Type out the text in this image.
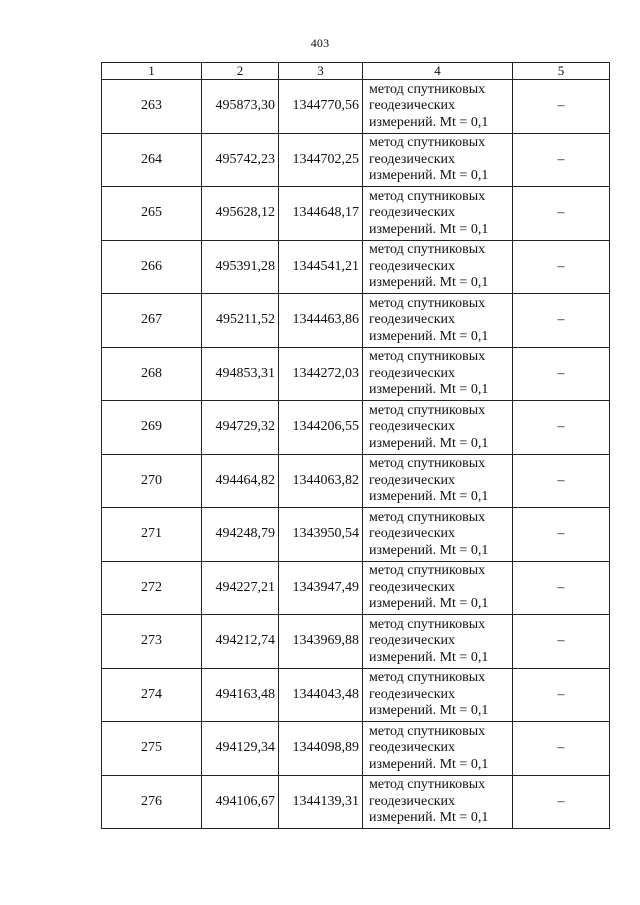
403
1	2	3	4	5
263	495873,30	1344770,56	метод спутниковых
геодезических
измерений. Mt = 0,1	–
264	495742,23	1344702,25	метод спутниковых
геодезических
измерений. Mt = 0,1	–
265	495628,12	1344648,17	метод спутниковых
геодезических
измерений. Mt = 0,1	–
266	495391,28	1344541,21	метод спутниковых
геодезических
измерений. Mt = 0,1	–
267	495211,52	1344463,86	метод спутниковых
геодезических
измерений. Mt = 0,1	–
268	494853,31	1344272,03	метод спутниковых
геодезических
измерений. Mt = 0,1	–
269	494729,32	1344206,55	метод спутниковых
геодезических
измерений. Mt = 0,1	–
270	494464,82	1344063,82	метод спутниковых
геодезических
измерений. Mt = 0,1	–
271	494248,79	1343950,54	метод спутниковых
геодезических
измерений. Mt = 0,1	–
272	494227,21	1343947,49	метод спутниковых
геодезических
измерений. Mt = 0,1	–
273	494212,74	1343969,88	метод спутниковых
геодезических
измерений. Mt = 0,1	–
274	494163,48	1344043,48	метод спутниковых
геодезических
измерений. Mt = 0,1	–
275	494129,34	1344098,89	метод спутниковых
геодезических
измерений. Mt = 0,1	–
276	494106,67	1344139,31	метод спутниковых
геодезических
измерений. Mt = 0,1	–
